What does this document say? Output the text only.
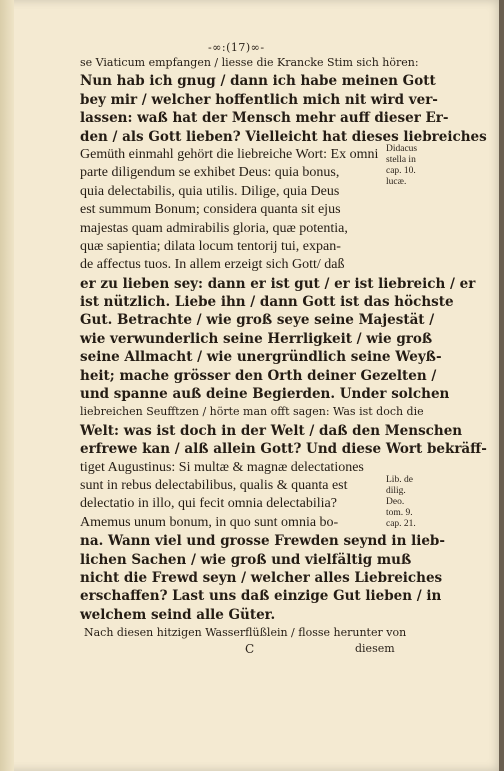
-∞:(17)∞-
se Viaticum empfangen / liesse die Krancke Stim sich hören:
Nun hab ich gnug / dann ich habe meinen Gott
bey mir / welcher hoffentlich mich nit wird ver-
lassen: waß hat der Mensch mehr auff dieser Er-
den / als Gott lieben? Vielleicht hat dieses liebreiches
Gemüth einmahl gehört die liebreiche Wort: Ex omni
parte diligendum se exhibet Deus: quia bonus,
quia delectabilis, quia utilis. Dilige, quia Deus
est summum Bonum; considera quanta sit ejus
majestas quam admirabilis gloria, quæ potentia,
quæ sapientia; dilata locum tentorij tui, expan-
de affectus tuos. In allem erzeigt sich Gott/ daß
er zu lieben sey: dann er ist gut / er ist liebreich / er
ist nützlich. Liebe ihn / dann Gott ist das höchste
Gut. Betrachte / wie groß seye seine Majestät /
wie verwunderlich seine Herrligkeit / wie groß
seine Allmacht / wie unergründlich seine Weyß-
heit; mache grösser den Orth deiner Gezelten /
und spanne auß deine Begierden. Under solchen
liebreichen Seufftzen / hörte man offt sagen: Was ist doch die
Welt: was ist doch in der Welt / daß den Menschen
erfrewe kan / alß allein Gott? Und diese Wort bekräff-
tiget Augustinus: Si multæ & magnæ delectationes
sunt in rebus delectabilibus, qualis & quanta est
delectatio in illo, qui fecit omnia delectabilia?
Amemus unum bonum, in quo sunt omnia bo-
na. Wann viel und grosse Frewden seynd in lieb-
lichen Sachen / wie groß und vielfältig muß
nicht die Frewd seyn / welcher alles Liebreiches
erschaffen? Last uns daß einzige Gut lieben / in
welchem seind alle Güter.
Nach diesen hitzigen Wasserflüßlein / flosse herunter von
Didacus
stella in
cap. 10.
lucæ.
Lib. de
dilig.
Deo.
tom. 9.
cap. 21.
diesem
C
